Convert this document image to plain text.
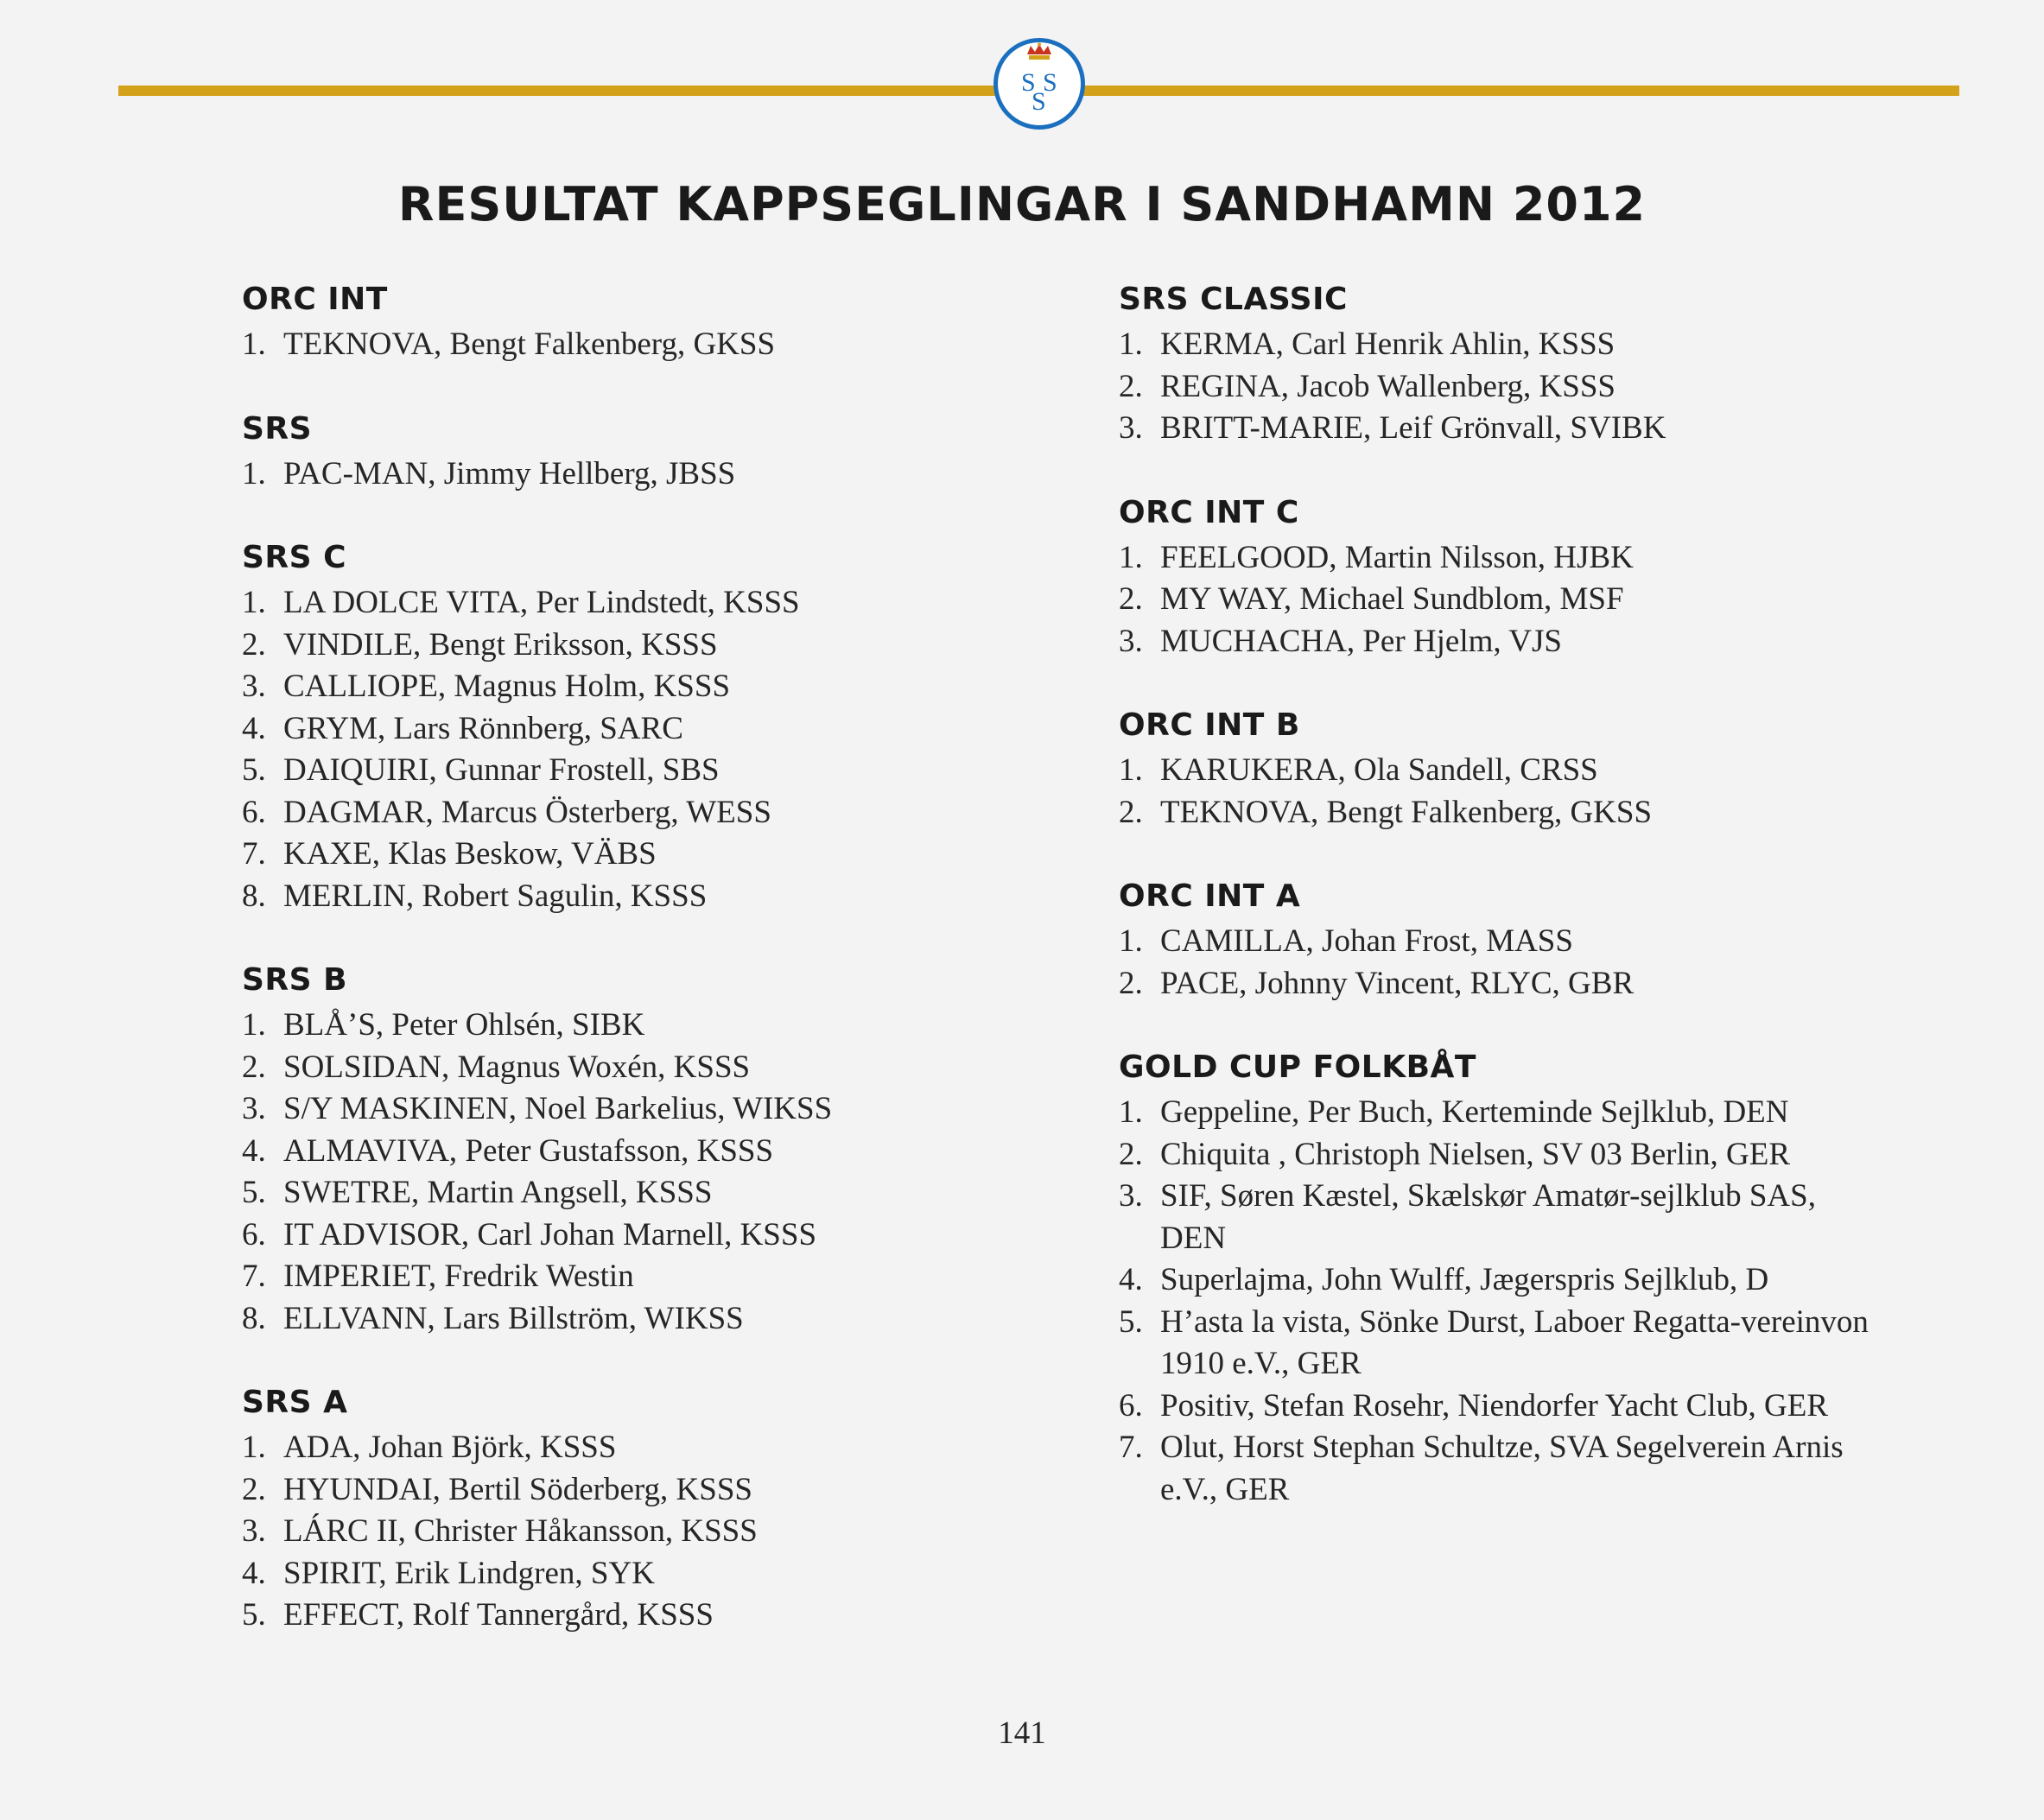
S S
S
RESULTAT KAPPSEGLINGAR I SANDHAMN 2012
ORC INT
1. TEKNOVA, Bengt Falkenberg, GKSS
SRS
1. PAC-MAN, Jimmy Hellberg, JBSS
SRS C
1. LA DOLCE VITA, Per Lindstedt, KSSS
2. VINDILE, Bengt Eriksson, KSSS
3. CALLIOPE, Magnus Holm, KSSS
4. GRYM, Lars Rönnberg, SARC
5. DAIQUIRI, Gunnar Frostell, SBS
6. DAGMAR, Marcus Österberg, WESS
7. KAXE, Klas Beskow, VÄBS
8. MERLIN, Robert Sagulin, KSSS
SRS B
1. BLÅ’S, Peter Ohlsén, SIBK
2. SOLSIDAN, Magnus Woxén, KSSS
3. S/Y MASKINEN, Noel Barkelius, WIKSS
4. ALMAVIVA, Peter Gustafsson, KSSS
5. SWETRE, Martin Angsell, KSSS
6. IT ADVISOR, Carl Johan Marnell, KSSS
7. IMPERIET, Fredrik Westin
8. ELLVANN, Lars Billström, WIKSS
SRS A
1. ADA, Johan Björk, KSSS
2. HYUNDAI, Bertil Söderberg, KSSS
3. LÁRC II, Christer Håkansson, KSSS
4. SPIRIT, Erik Lindgren, SYK
5. EFFECT, Rolf Tannergård, KSSS
SRS CLASSIC
1. KERMA, Carl Henrik Ahlin, KSSS
2. REGINA, Jacob Wallenberg, KSSS
3. BRITT-MARIE, Leif Grönvall, SVIBK
ORC INT C
1. FEELGOOD, Martin Nilsson, HJBK
2. MY WAY, Michael Sundblom, MSF
3. MUCHACHA, Per Hjelm, VJS
ORC INT B
1. KARUKERA, Ola Sandell, CRSS
2. TEKNOVA, Bengt Falkenberg, GKSS
ORC INT A
1. CAMILLA, Johan Frost, MASS
2. PACE, Johnny Vincent, RLYC, GBR
GOLD CUP FOLKBÅT
1. Geppeline, Per Buch, Kerteminde Sejlklub, DEN
2. Chiquita , Christoph Nielsen, SV 03 Berlin, GER
3. SIF, Søren Kæstel, Skælskør Amatør-sejlklub SAS, DEN
4. Superlajma, John Wulff, Jægerspris Sejlklub, D
5. H’asta la vista, Sönke Durst, Laboer Regatta-vereinvon 1910 e.V., GER
6. Positiv, Stefan Rosehr, Niendorfer Yacht Club, GER
7. Olut, Horst Stephan Schultze, SVA Segelverein Arnis e.V., GER
141
